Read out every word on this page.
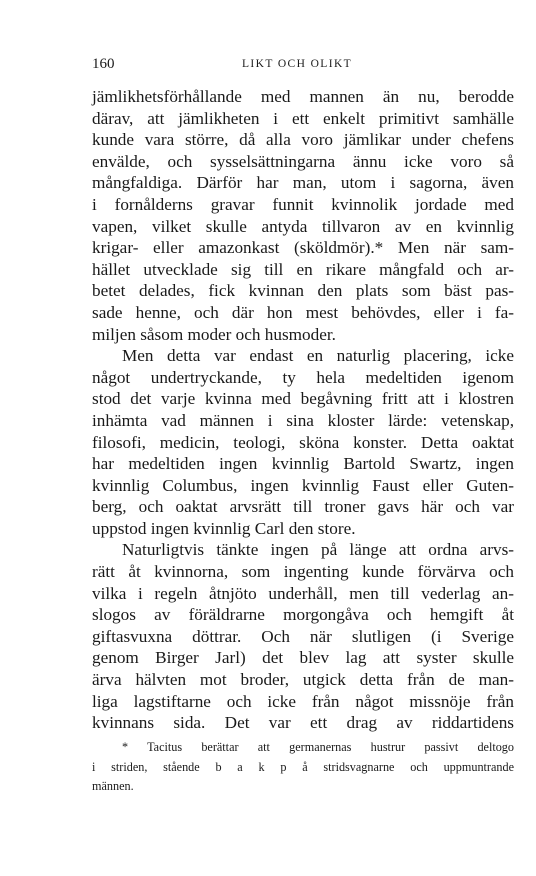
160	LIKT OCH OLIKT
jämlikhetsförhållande med mannen än nu, berodde
därav, att jämlikheten i ett enkelt primitivt samhälle
kunde vara större, då alla voro jämlikar under chefens
envälde, och sysselsättningarna ännu icke voro så
mångfaldiga. Därför har man, utom i sagorna, även
i fornålderns gravar funnit kvinnolik jordade med
vapen, vilket skulle antyda tillvaron av en kvinnlig
krigar- eller amazonkast (sköldmör).* Men när sam-
hället utvecklade sig till en rikare mångfald och ar-
betet delades, fick kvinnan den plats som bäst pas-
sade henne, och där hon mest behövdes, eller i fa-
miljen såsom moder och husmoder.
Men detta var endast en naturlig placering, icke
något undertryckande, ty hela medeltiden igenom
stod det varje kvinna med begåvning fritt att i klostren
inhämta vad männen i sina kloster lärde: vetenskap,
filosofi, medicin, teologi, sköna konster. Detta oaktat
har medeltiden ingen kvinnlig Bartold Swartz, ingen
kvinnlig Columbus, ingen kvinnlig Faust eller Guten-
berg, och oaktat arvsrätt till troner gavs här och var
uppstod ingen kvinnlig Carl den store.
Naturligtvis tänkte ingen på länge att ordna arvs-
rätt åt kvinnorna, som ingenting kunde förvärva och
vilka i regeln åtnjöto underhåll, men till vederlag an-
slogos av föräldrarne morgongåva och hemgift åt
giftasvuxna döttrar. Och när slutligen (i Sverige
genom Birger Jarl) det blev lag att syster skulle
ärva hälvten mot broder, utgick detta från de man-
liga lagstiftarne och icke från något missnöje från
kvinnans sida. Det var ett drag av riddartidens
* Tacitus berättar att germanernas hustrur passivt deltogo
i striden, stående b a k p å stridsvagnarne och uppmuntrande
männen.
